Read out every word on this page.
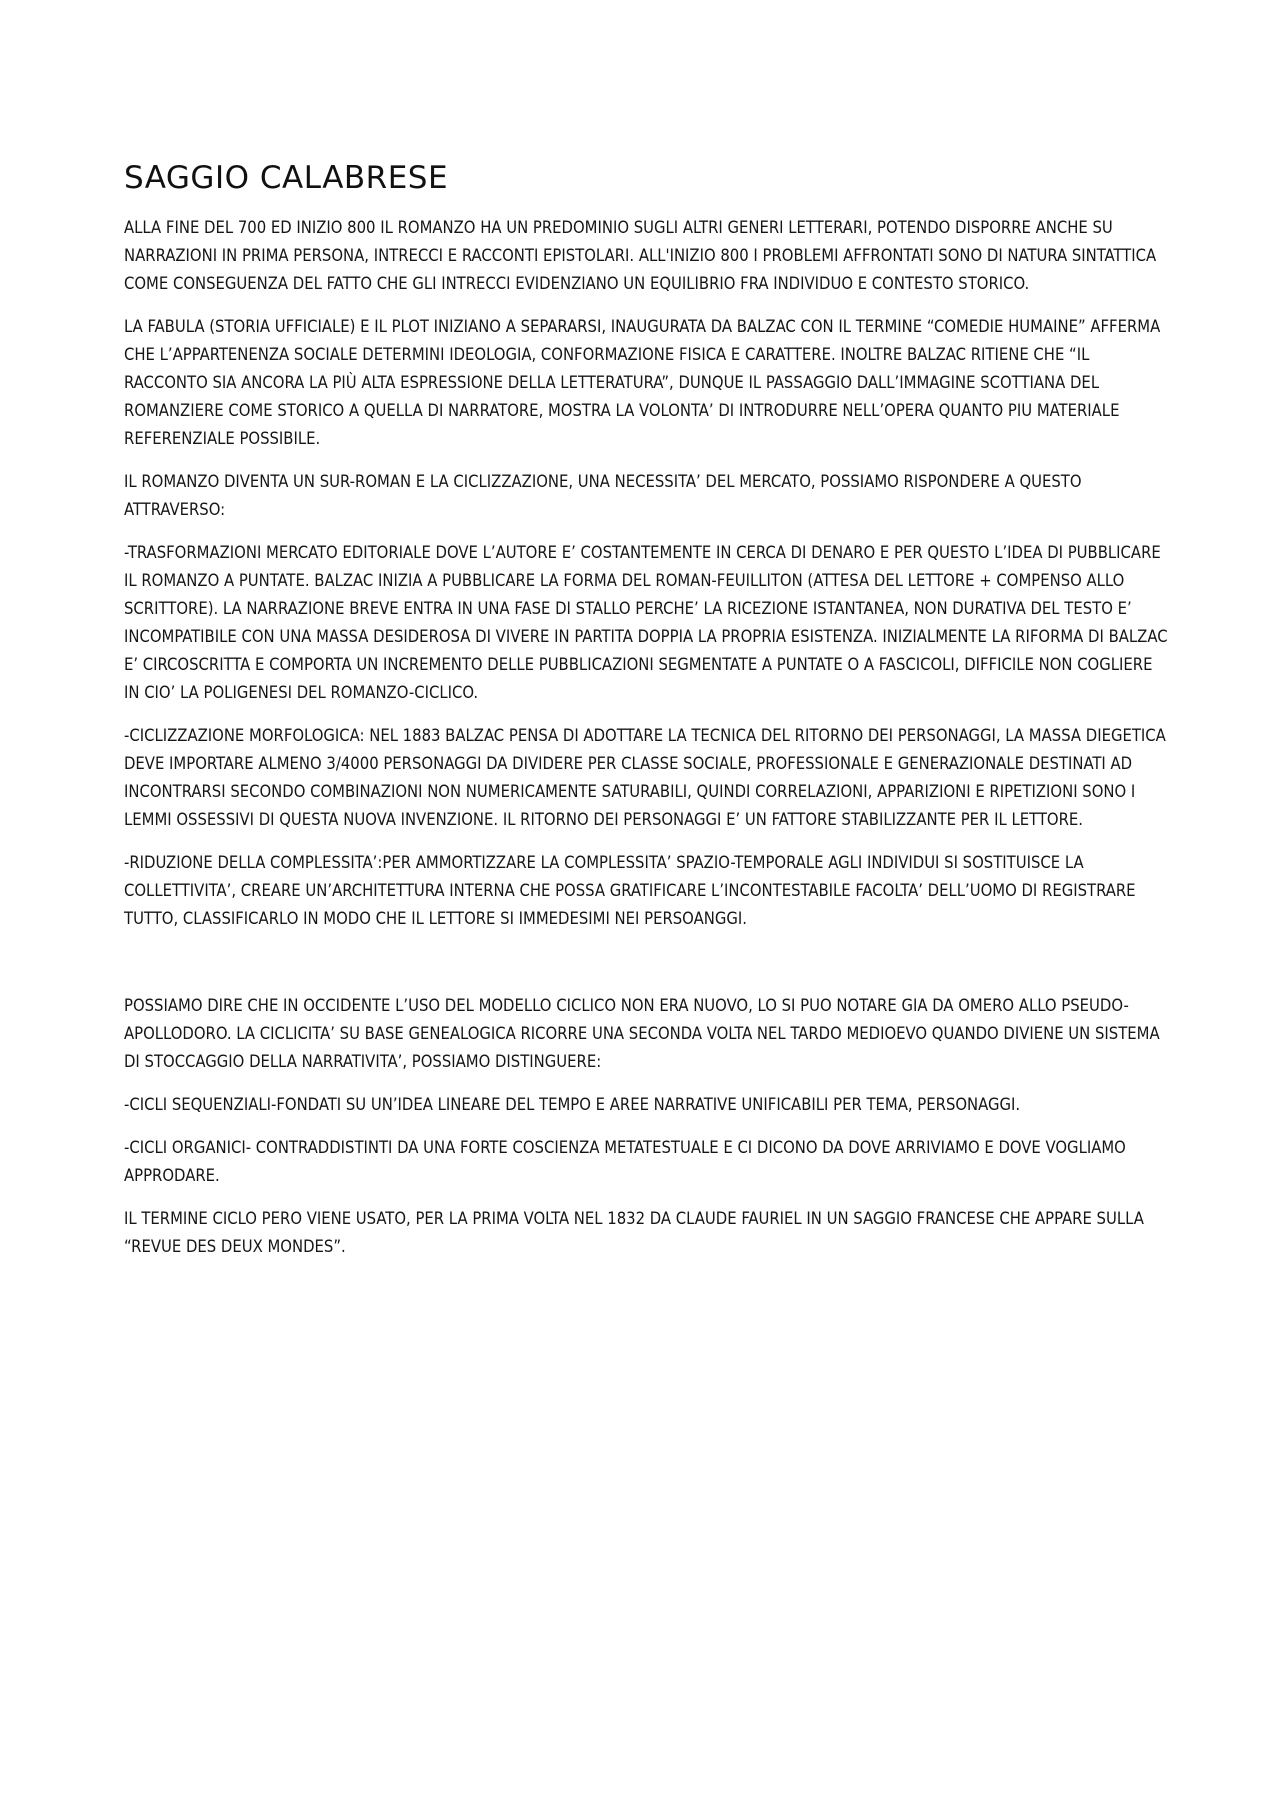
SAGGIO CALABRESE

ALLA FINE DEL 700 ED INIZIO 800 IL ROMANZO HA UN PREDOMINIO SUGLI ALTRI GENERI LETTERARI, POTENDO DISPORRE ANCHE SU NARRAZIONI IN PRIMA PERSONA, INTRECCI E RACCONTI EPISTOLARI. ALL'INIZIO 800 I PROBLEMI AFFRONTATI SONO DI NATURA SINTATTICA COME CONSEGUENZA DEL FATTO CHE GLI INTRECCI EVIDENZIANO UN EQUILIBRIO FRA INDIVIDUO E CONTESTO STORICO.

LA FABULA (STORIA UFFICIALE) E IL PLOT INIZIANO A SEPARARSI, INAUGURATA DA BALZAC CON IL TERMINE “COMEDIE HUMAINE” AFFERMA CHE L’APPARTENENZA SOCIALE DETERMINI IDEOLOGIA, CONFORMAZIONE FISICA E CARATTERE. INOLTRE BALZAC RITIENE CHE “IL RACCONTO SIA ANCORA LA PIÙ ALTA ESPRESSIONE DELLA LETTERATURA”, DUNQUE IL PASSAGGIO DALL’IMMAGINE SCOTTIANA DEL ROMANZIERE COME STORICO A QUELLA DI NARRATORE, MOSTRA LA VOLONTA’ DI INTRODURRE NELL’OPERA QUANTO PIU MATERIALE REFERENZIALE POSSIBILE.

IL ROMANZO DIVENTA UN SUR-ROMAN E LA CICLIZZAZIONE, UNA NECESSITA’ DEL MERCATO, POSSIAMO RISPONDERE A QUESTO ATTRAVERSO:

-TRASFORMAZIONI MERCATO EDITORIALE DOVE L’AUTORE E’ COSTANTEMENTE IN CERCA DI DENARO E PER QUESTO L’IDEA DI PUBBLICARE IL ROMANZO A PUNTATE. BALZAC INIZIA A PUBBLICARE LA FORMA DEL ROMAN-FEUILLITON (ATTESA DEL LETTORE + COMPENSO ALLO SCRITTORE). LA NARRAZIONE BREVE ENTRA IN UNA FASE DI STALLO PERCHE’ LA RICEZIONE ISTANTANEA, NON DURATIVA DEL TESTO E’ INCOMPATIBILE CON UNA MASSA DESIDEROSA DI VIVERE IN PARTITA DOPPIA LA PROPRIA ESISTENZA. INIZIALMENTE LA RIFORMA DI BALZAC E’ CIRCOSCRITTA E COMPORTA UN INCREMENTO DELLE PUBBLICAZIONI SEGMENTATE A PUNTATE O A FASCICOLI, DIFFICILE NON COGLIERE IN CIO’ LA POLIGENESI DEL ROMANZO-CICLICO.

-CICLIZZAZIONE MORFOLOGICA: NEL 1883 BALZAC PENSA DI ADOTTARE LA TECNICA DEL RITORNO DEI PERSONAGGI, LA MASSA DIEGETICA DEVE IMPORTARE ALMENO 3/4000 PERSONAGGI DA DIVIDERE PER CLASSE SOCIALE, PROFESSIONALE E GENERAZIONALE DESTINATI AD INCONTRARSI SECONDO COMBINAZIONI NON NUMERICAMENTE SATURABILI, QUINDI CORRELAZIONI, APPARIZIONI E RIPETIZIONI SONO I LEMMI OSSESSIVI DI QUESTA NUOVA INVENZIONE. IL RITORNO DEI PERSONAGGI E’ UN FATTORE STABILIZZANTE PER IL LETTORE.

-RIDUZIONE DELLA COMPLESSITA’:PER AMMORTIZZARE LA COMPLESSITA’ SPAZIO-TEMPORALE AGLI INDIVIDUI SI SOSTITUISCE LA COLLETTIVITA’, CREARE UN’ARCHITETTURA INTERNA CHE POSSA GRATIFICARE L’INCONTESTABILE FACOLTA’ DELL’UOMO DI REGISTRARE TUTTO, CLASSIFICARLO IN MODO CHE IL LETTORE SI IMMEDESIMI NEI PERSOANGGI.

POSSIAMO DIRE CHE IN OCCIDENTE L’USO DEL MODELLO CICLICO NON ERA NUOVO, LO SI PUO NOTARE GIA DA OMERO ALLO PSEUDO-APOLLODORO. LA CICLICITA’ SU BASE GENEALOGICA RICORRE UNA SECONDA VOLTA NEL TARDO MEDIOEVO QUANDO DIVIENE UN SISTEMA DI STOCCAGGIO DELLA NARRATIVITA’, POSSIAMO DISTINGUERE:

-CICLI SEQUENZIALI-FONDATI SU UN’IDEA LINEARE DEL TEMPO E AREE NARRATIVE UNIFICABILI PER TEMA, PERSONAGGI.

-CICLI ORGANICI- CONTRADDISTINTI DA UNA FORTE COSCIENZA METATESTUALE E CI DICONO DA DOVE ARRIVIAMO E DOVE VOGLIAMO APPRODARE.

IL TERMINE CICLO PERO VIENE USATO, PER LA PRIMA VOLTA NEL 1832 DA CLAUDE FAURIEL IN UN SAGGIO FRANCESE CHE APPARE SULLA “REVUE DES DEUX MONDES”.
